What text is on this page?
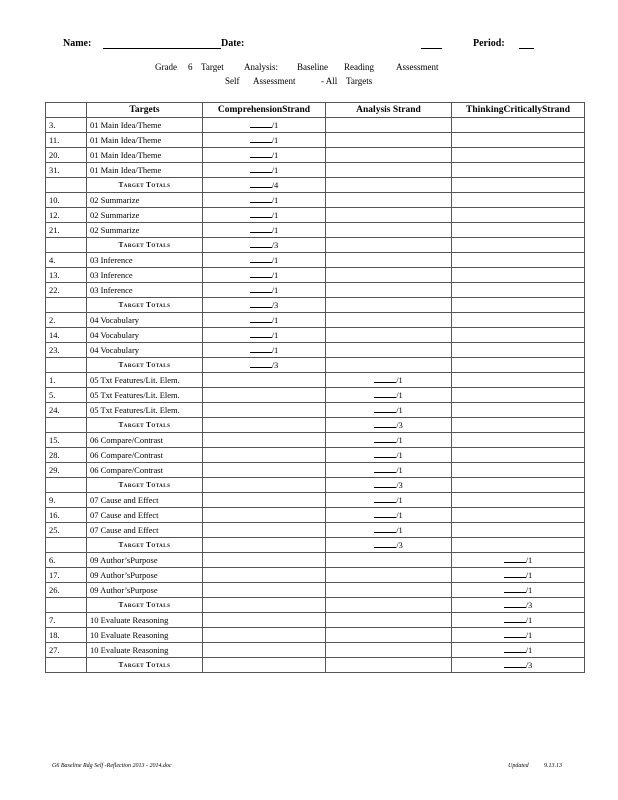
Name:	Date:	Period:
Grade 6 Target Analysis: Baseline Reading Assessment
Self Assessment	- All Targets
	Targets	ComprehensionStrand	Analysis Strand	ThinkingCriticallyStrand
3.	01 Main Idea/Theme	/1		
11.	01 Main Idea/Theme	/1		
20.	01 Main Idea/Theme	/1		
31.	01 Main Idea/Theme	/1		
	Target Totals	/4		
10.	02 Summarize	/1		
12.	02 Summarize	/1		
21.	02 Summarize	/1		
	Target Totals	/3		
4.	03 Inference	/1		
13.	03 Inference	/1		
22.	03 Inference	/1		
	Target Totals	/3		
2.	04 Vocabulary	/1		
14.	04 Vocabulary	/1		
23.	04 Vocabulary	/1		
	Target Totals	/3		
1.	05 Txt Features/Lit. Elem.		/1	
5.	05 Txt Features/Lit. Elem.		/1	
24.	05 Txt Features/Lit. Elem.		/1	
	Target Totals		/3	
15.	06 Compare/Contrast		/1	
28.	06 Compare/Contrast		/1	
29.	06 Compare/Contrast		/1	
	Target Totals		/3	
9.	07 Cause and Effect		/1	
16.	07 Cause and Effect		/1	
25.	07 Cause and Effect		/1	
	Target Totals		/3	
6.	09 Author’sPurpose			/1
17.	09 Author’sPurpose			/1
26.	09 Author’sPurpose			/1
	Target Totals			/3
7.	10 Evaluate Reasoning			/1
18.	10 Evaluate Reasoning			/1
27.	10 Evaluate Reasoning			/1
	Target Totals			/3
G6 Baseline Rdg Self -Reflection 2013 - 2014.doc	Updated	9.13.13
